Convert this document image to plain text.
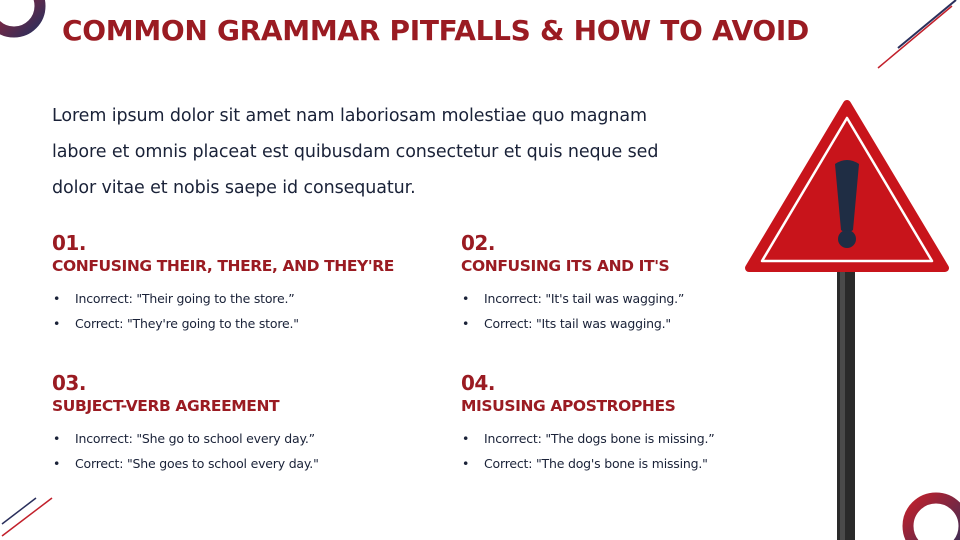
COMMON GRAMMAR PITFALLS & HOW TO AVOID

Lorem ipsum dolor sit amet nam laboriosam molestiae quo magnam labore et omnis placeat est quibusdam consectetur et quis neque sed dolor vitae et nobis saepe id consequatur.

01.
CONFUSING THEIR, THERE, AND THEY'RE
• Incorrect: "Their going to the store.”
• Correct: "They're going to the store."
02.
CONFUSING ITS AND IT'S
• Incorrect: "It's tail was wagging.”
• Correct: "Its tail was wagging."
03.
SUBJECT-VERB AGREEMENT
• Incorrect: "She go to school every day.”
• Correct: "She goes to school every day."
04.
MISUSING APOSTROPHES
• Incorrect: "The dogs bone is missing.”
• Correct: "The dog's bone is missing."
